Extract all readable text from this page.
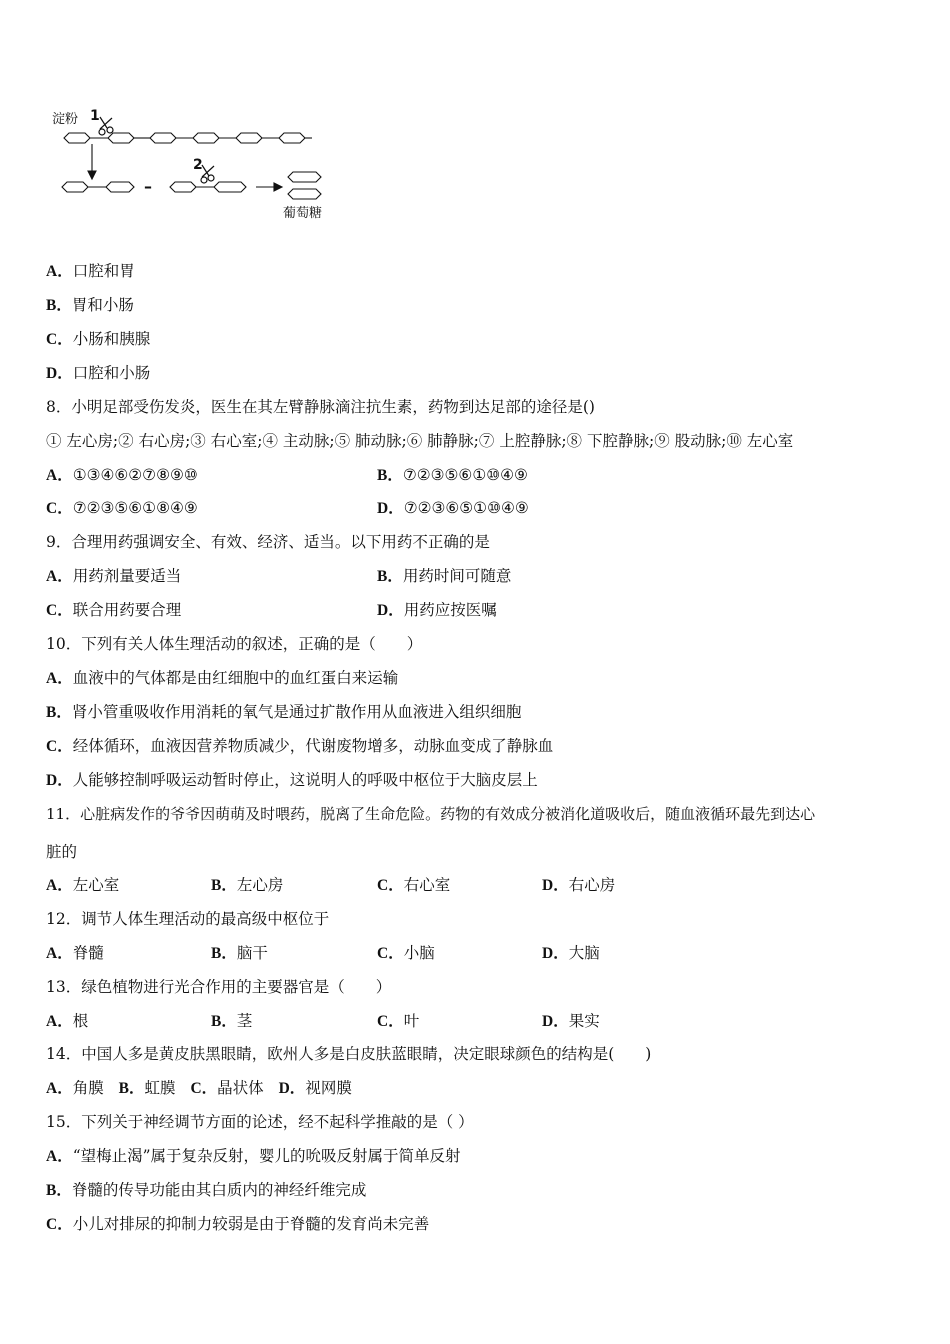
淀粉 1
–
2
葡萄糖
A．口腔和胃
B．胃和小肠
C．小肠和胰腺
D．口腔和小肠
8．小明足部受伤发炎，医生在其左臂静脉滴注抗生素，药物到达足部的途径是()
① 左心房;② 右心房;③ 右心室;④ 主动脉;⑤ 肺动脉;⑥ 肺静脉;⑦ 上腔静脉;⑧ 下腔静脉;⑨ 股动脉;⑩ 左心室
A．①③④⑥②⑦⑧⑨⑩	B．⑦②③⑤⑥①⑩④⑨
C．⑦②③⑤⑥①⑧④⑨	D．⑦②③⑥⑤①⑩④⑨
9．合理用药强调安全、有效、经济、适当。以下用药不正确的是
A．用药剂量要适当	B．用药时间可随意
C．联合用药要合理	D．用药应按医嘱
10．下列有关人体生理活动的叙述，正确的是（　　）
A．血液中的气体都是由红细胞中的血红蛋白来运输
B．肾小管重吸收作用消耗的氧气是通过扩散作用从血液进入组织细胞
C．经体循环，血液因营养物质减少，代谢废物增多，动脉血变成了静脉血
D．人能够控制呼吸运动暂时停止，这说明人的呼吸中枢位于大脑皮层上
11．心脏病发作的爷爷因萌萌及时喂药，脱离了生命危险。药物的有效成分被消化道吸收后，随血液循环最先到达心
脏的
A．左心室	B．左心房	C．右心室	D．右心房
12．调节人体生理活动的最高级中枢位于
A．脊髓	B．脑干	C．小脑	D．大脑
13．绿色植物进行光合作用的主要器官是（　　）
A．根	B．茎	C．叶	D．果实
14．中国人多是黄皮肤黑眼睛，欧州人多是白皮肤蓝眼睛，决定眼球颜色的结构是(　　)
A．角膜 B．虹膜 C．晶状体 D．视网膜
15．下列关于神经调节方面的论述，经不起科学推敲的是（ ）
A．“望梅止渴”属于复杂反射，婴儿的吮吸反射属于简单反射
B．脊髓的传导功能由其白质内的神经纤维完成
C．小儿对排尿的抑制力较弱是由于脊髓的发育尚未完善
